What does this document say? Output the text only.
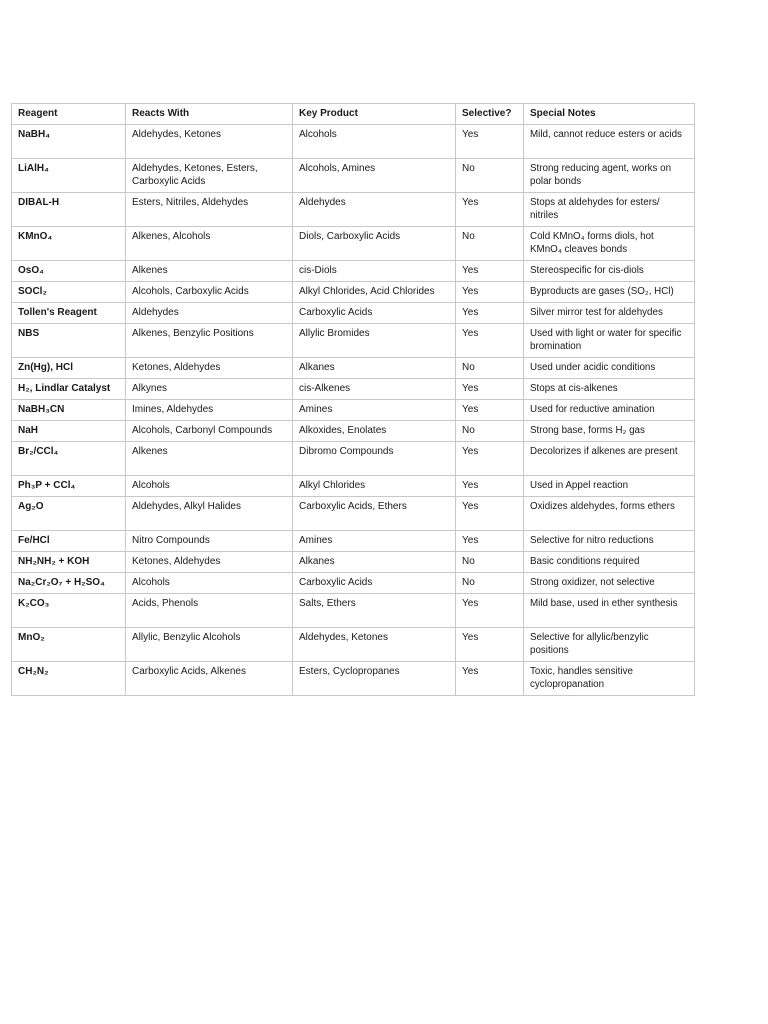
Reagent	Reacts With	Key Product	Selective?	Special Notes
NaBH₄	Aldehydes, Ketones	Alcohols	Yes	Mild, cannot reduce esters or acids
LiAlH₄	Aldehydes, Ketones, Esters, Carboxylic Acids	Alcohols, Amines	No	Strong reducing agent, works on polar bonds
DIBAL-H	Esters, Nitriles, Aldehydes	Aldehydes	Yes	Stops at aldehydes for esters/ nitriles
KMnO₄	Alkenes, Alcohols	Diols, Carboxylic Acids	No	Cold KMnO₄ forms diols, hot KMnO₄ cleaves bonds
OsO₄	Alkenes	cis-Diols	Yes	Stereospecific for cis-diols
SOCl₂	Alcohols, Carboxylic Acids	Alkyl Chlorides, Acid Chlorides	Yes	Byproducts are gases (SO₂, HCl)
Tollen's Reagent	Aldehydes	Carboxylic Acids	Yes	Silver mirror test for aldehydes
NBS	Alkenes, Benzylic Positions	Allylic Bromides	Yes	Used with light or water for specific bromination
Zn(Hg), HCl	Ketones, Aldehydes	Alkanes	No	Used under acidic conditions
H₂, Lindlar Catalyst	Alkynes	cis-Alkenes	Yes	Stops at cis-alkenes
NaBH₃CN	Imines, Aldehydes	Amines	Yes	Used for reductive amination
NaH	Alcohols, Carbonyl Compounds	Alkoxides, Enolates	No	Strong base, forms H₂ gas
Br₂/CCl₄	Alkenes	Dibromo Compounds	Yes	Decolorizes if alkenes are present
Ph₃P + CCl₄	Alcohols	Alkyl Chlorides	Yes	Used in Appel reaction
Ag₂O	Aldehydes, Alkyl Halides	Carboxylic Acids, Ethers	Yes	Oxidizes aldehydes, forms ethers
Fe/HCl	Nitro Compounds	Amines	Yes	Selective for nitro reductions
NH₂NH₂ + KOH	Ketones, Aldehydes	Alkanes	No	Basic conditions required
Na₂Cr₂O₇ + H₂SO₄	Alcohols	Carboxylic Acids	No	Strong oxidizer, not selective
K₂CO₃	Acids, Phenols	Salts, Ethers	Yes	Mild base, used in ether synthesis
MnO₂	Allylic, Benzylic Alcohols	Aldehydes, Ketones	Yes	Selective for allylic/benzylic positions
CH₂N₂	Carboxylic Acids, Alkenes	Esters, Cyclopropanes	Yes	Toxic, handles sensitive cyclopropanation
